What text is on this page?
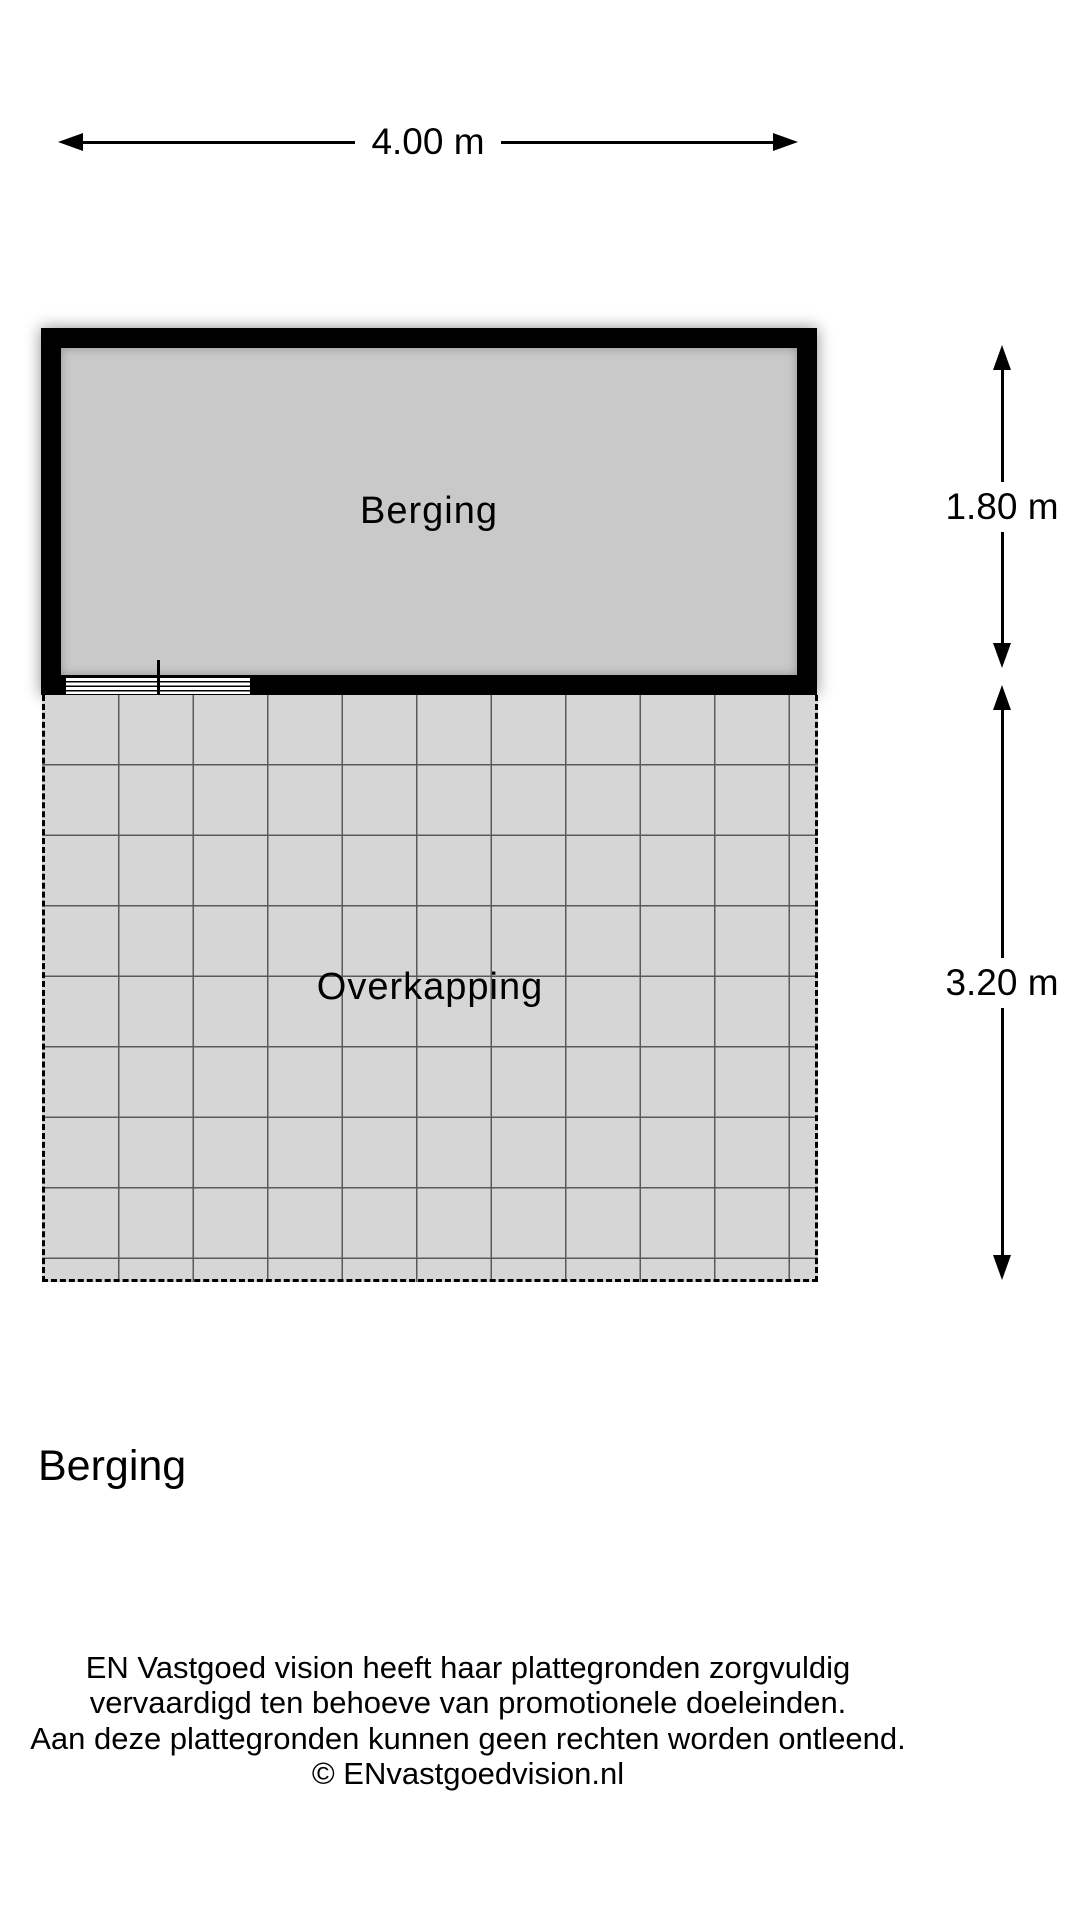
4.00 m
Berging
Overkapping
1.80 m
3.20 m
Berging
EN Vastgoed vision heeft haar plattegronden zorgvuldig
vervaardigd ten behoeve van promotionele doeleinden.
Aan deze plattegronden kunnen geen rechten worden ontleend.
© ENvastgoedvision.nl
